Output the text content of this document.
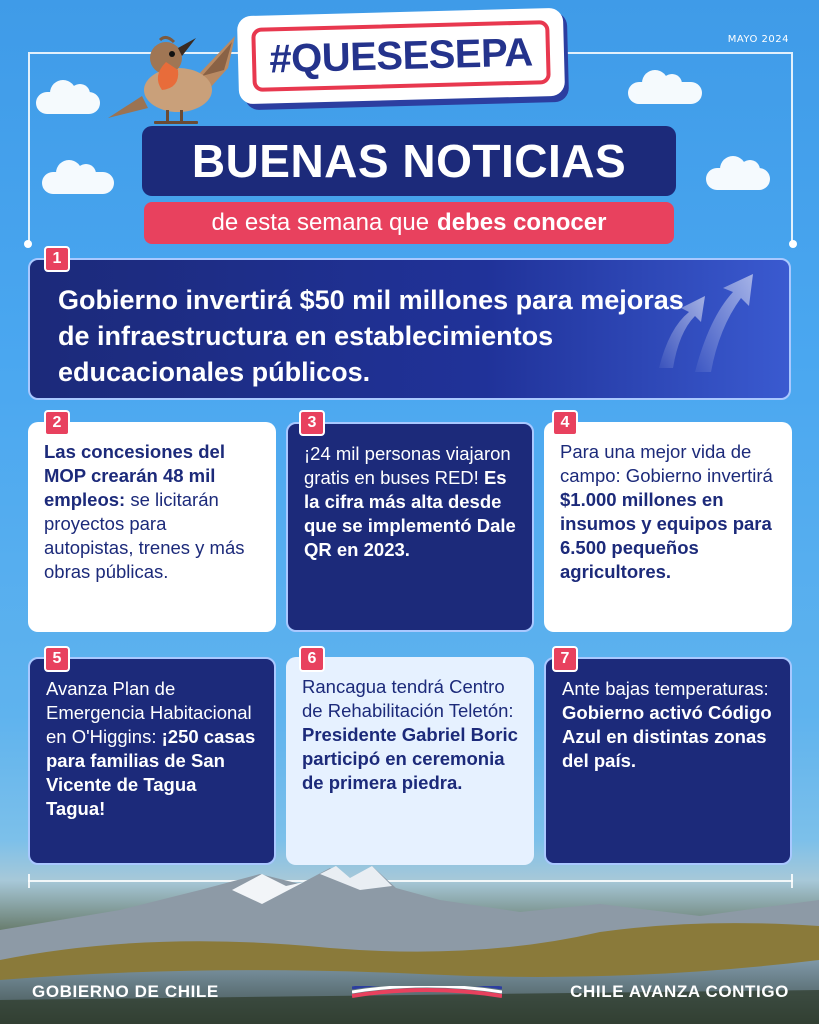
MAYO 2024
#QUESESEPA
BUENAS NOTICIAS
de esta semana que debes conocer
1
Gobierno invertirá $50 mil millones para mejoras de infraestructura en establecimientos educacionales públicos.
2
Las concesiones del MOP crearán 48 mil empleos: se licitarán proyectos para autopistas, trenes y más obras públicas.
3
¡24 mil personas viajaron gratis en buses RED! Es la cifra más alta desde que se implementó Dale QR en 2023.
4
Para una mejor vida de campo: Gobierno invertirá $1.000 millones en insumos y equipos para 6.500 pequeños agricultores.
5
Avanza Plan de Emergencia Habitacional en O'Higgins: ¡250 casas para familias de San Vicente de Tagua Tagua!
6
Rancagua tendrá Centro de Rehabilitación Teletón: Presidente Gabriel Boric participó en ceremonia de primera piedra.
7
Ante bajas temperaturas: Gobierno activó Código Azul en distintas zonas del país.
GOBIERNO DE CHILE	CHILE AVANZA CONTIGO
